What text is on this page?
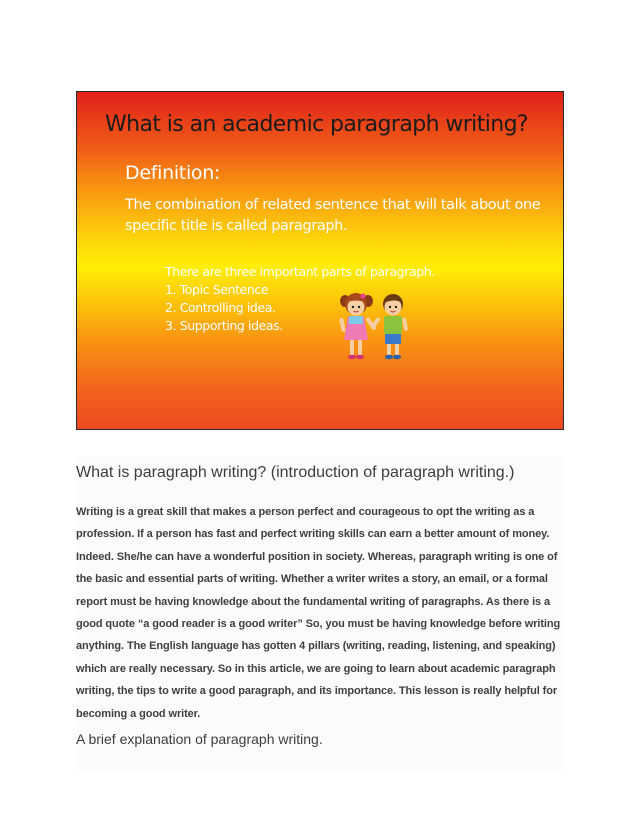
What is an academic paragraph writing?
Definition:
The combination of related sentence that will talk about one specific title is called paragraph.
There are three important parts of paragraph.
1. Topic Sentence
2. Controlling idea.
3. Supporting ideas.
What is paragraph writing? (introduction of paragraph writing.)

Writing is a great skill that makes a person perfect and courageous to opt the writing as a profession. If a person has fast and perfect writing skills can earn a better amount of money. Indeed. She/he can have a wonderful position in society. Whereas, paragraph writing is one of the basic and essential parts of writing. Whether a writer writes a story, an email, or a formal report must be having knowledge about the fundamental writing of paragraphs. As there is a good quote “a good reader is a good writer” So, you must be having knowledge before writing anything. The English language has gotten 4 pillars (writing, reading, listening, and speaking) which are really necessary. So in this article, we are going to learn about academic paragraph writing, the tips to write a good paragraph, and its importance. This lesson is really helpful for becoming a good writer.

A brief explanation of paragraph writing.
